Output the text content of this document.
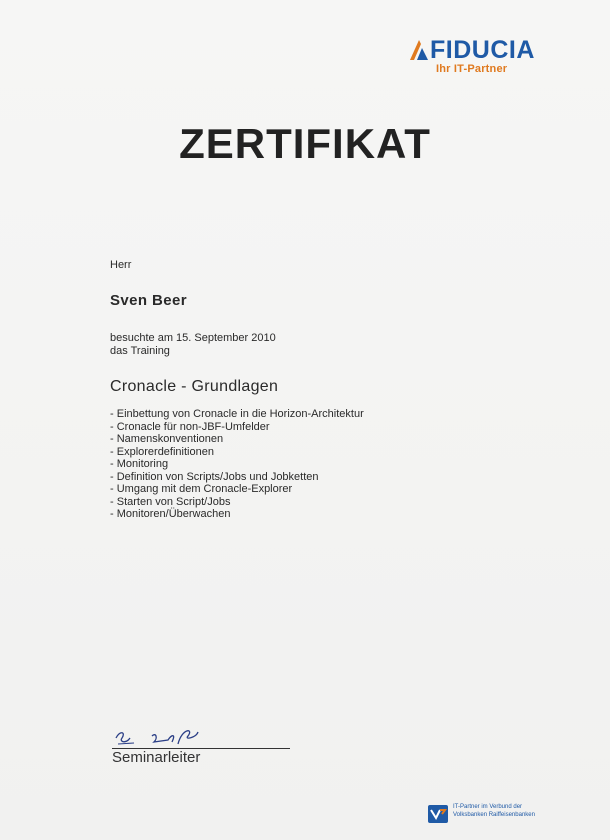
FIDUCIA
Ihr IT-Partner
ZERTIFIKAT
Herr
Sven Beer
besuchte am 15. September 2010
das Training
Cronacle - Grundlagen
- Einbettung von Cronacle in die Horizon-Architektur
- Cronacle für non-JBF-Umfelder
- Namenskonventionen
- Explorerdefinitionen
- Monitoring
- Definition von Scripts/Jobs und Jobketten
- Umgang mit dem Cronacle-Explorer
- Starten von Script/Jobs
- Monitoren/Überwachen
Seminarleiter
IT-Partner im Verbund der
Volksbanken Raiffeisenbanken
